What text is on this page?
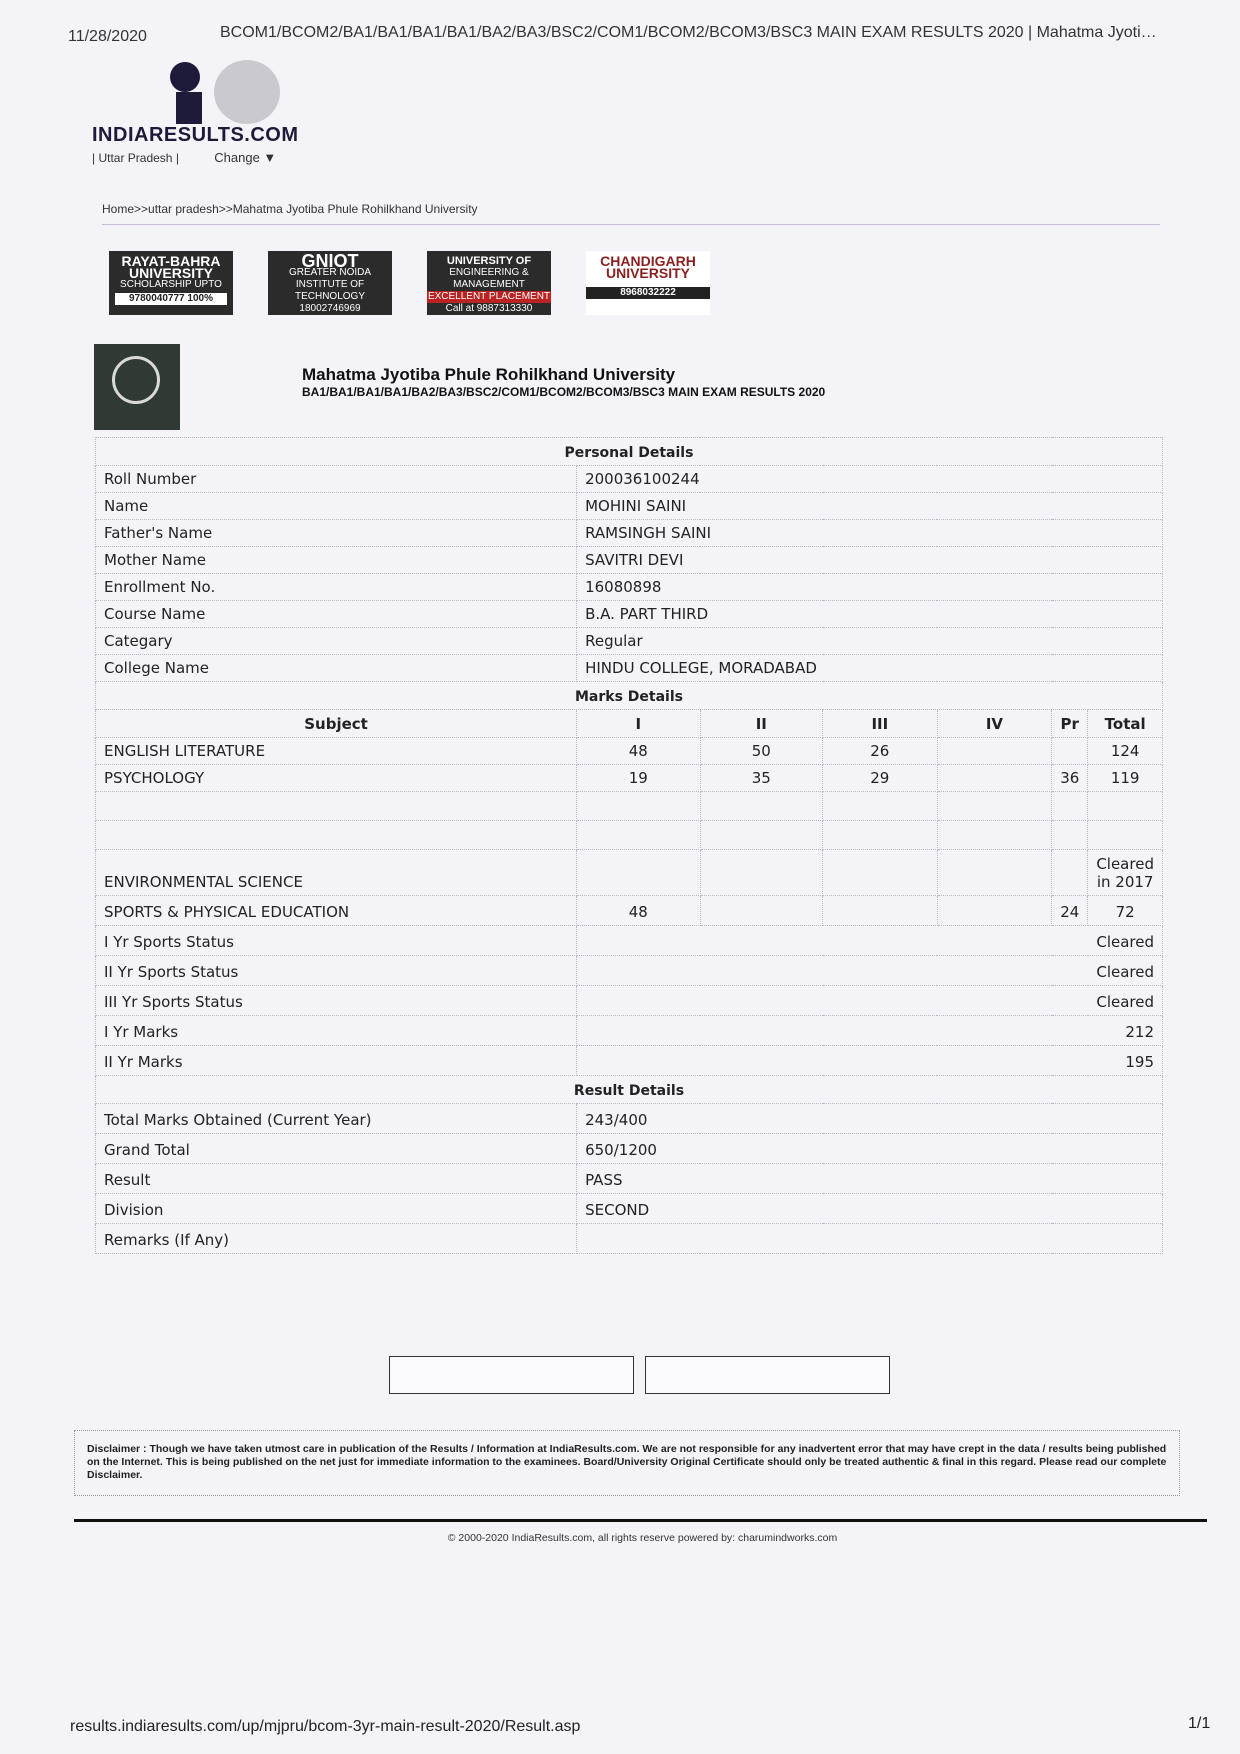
11/28/2020	BCOM1/BCOM2/BA1/BA1/BA1/BA1/BA2/BA3/BSC2/COM1/BCOM2/BCOM3/BSC3 MAIN EXAM RESULTS 2020 | Mahatma Jyoti…
INDIARESULTS.COM
| Uttar Pradesh |	Change ▼
Home>>uttar pradesh>>Mahatma Jyotiba Phule Rohilkhand University
RAYAT-BAHRA
UNIVERSITY
SCHOLARSHIP UPTO
9780040777 100%
GNIOT
GREATER NOIDA
INSTITUTE OF TECHNOLOGY
18002746969
UNIVERSITY OF
ENGINEERING & MANAGEMENT
EXCELLENT PLACEMENT
Call at 9887313330
CHANDIGARH
UNIVERSITY
8968032222
Mahatma Jyotiba Phule Rohilkhand University
BA1/BA1/BA1/BA1/BA2/BA3/BSC2/COM1/BCOM2/BCOM3/BSC3 MAIN EXAM RESULTS 2020
Personal Details						
Roll Number	200036100244					
Name	MOHINI SAINI					
Father's Name	RAMSINGH SAINI					
Mother Name	SAVITRI DEVI					
Enrollment No.	16080898					
Course Name	B.A. PART THIRD					
Categary	Regular					
College Name	HINDU COLLEGE, MORADABAD					
Marks Details						
Subject	I	II	III	IV	Pr	Total
ENGLISH LITERATURE	48	50	26			124
PSYCHOLOGY	19	35	29		36	119

ENVIRONMENTAL SCIENCE						Cleared in 2017
SPORTS & PHYSICAL EDUCATION	48				24	72
I Yr Sports Status	Cleared					
II Yr Sports Status	Cleared					
III Yr Sports Status	Cleared					
I Yr Marks	212					
II Yr Marks	195					
Result Details						
Total Marks Obtained (Current Year)	243/400					
Grand Total	650/1200					
Result	PASS					
Division	SECOND					
Remarks (If Any)						
Disclaimer : Though we have taken utmost care in publication of the Results / Information at IndiaResults.com. We are not responsible for any inadvertent error that may have crept in the data / results being published on the Internet. This is being published on the net just for immediate information to the examinees. Board/University Original Certificate should only be treated authentic & final in this regard. Please read our complete Disclaimer.
© 2000-2020 IndiaResults.com, all rights reserve powered by: charumindworks.com
results.indiaresults.com/up/mjpru/bcom-3yr-main-result-2020/Result.asp	1/1
